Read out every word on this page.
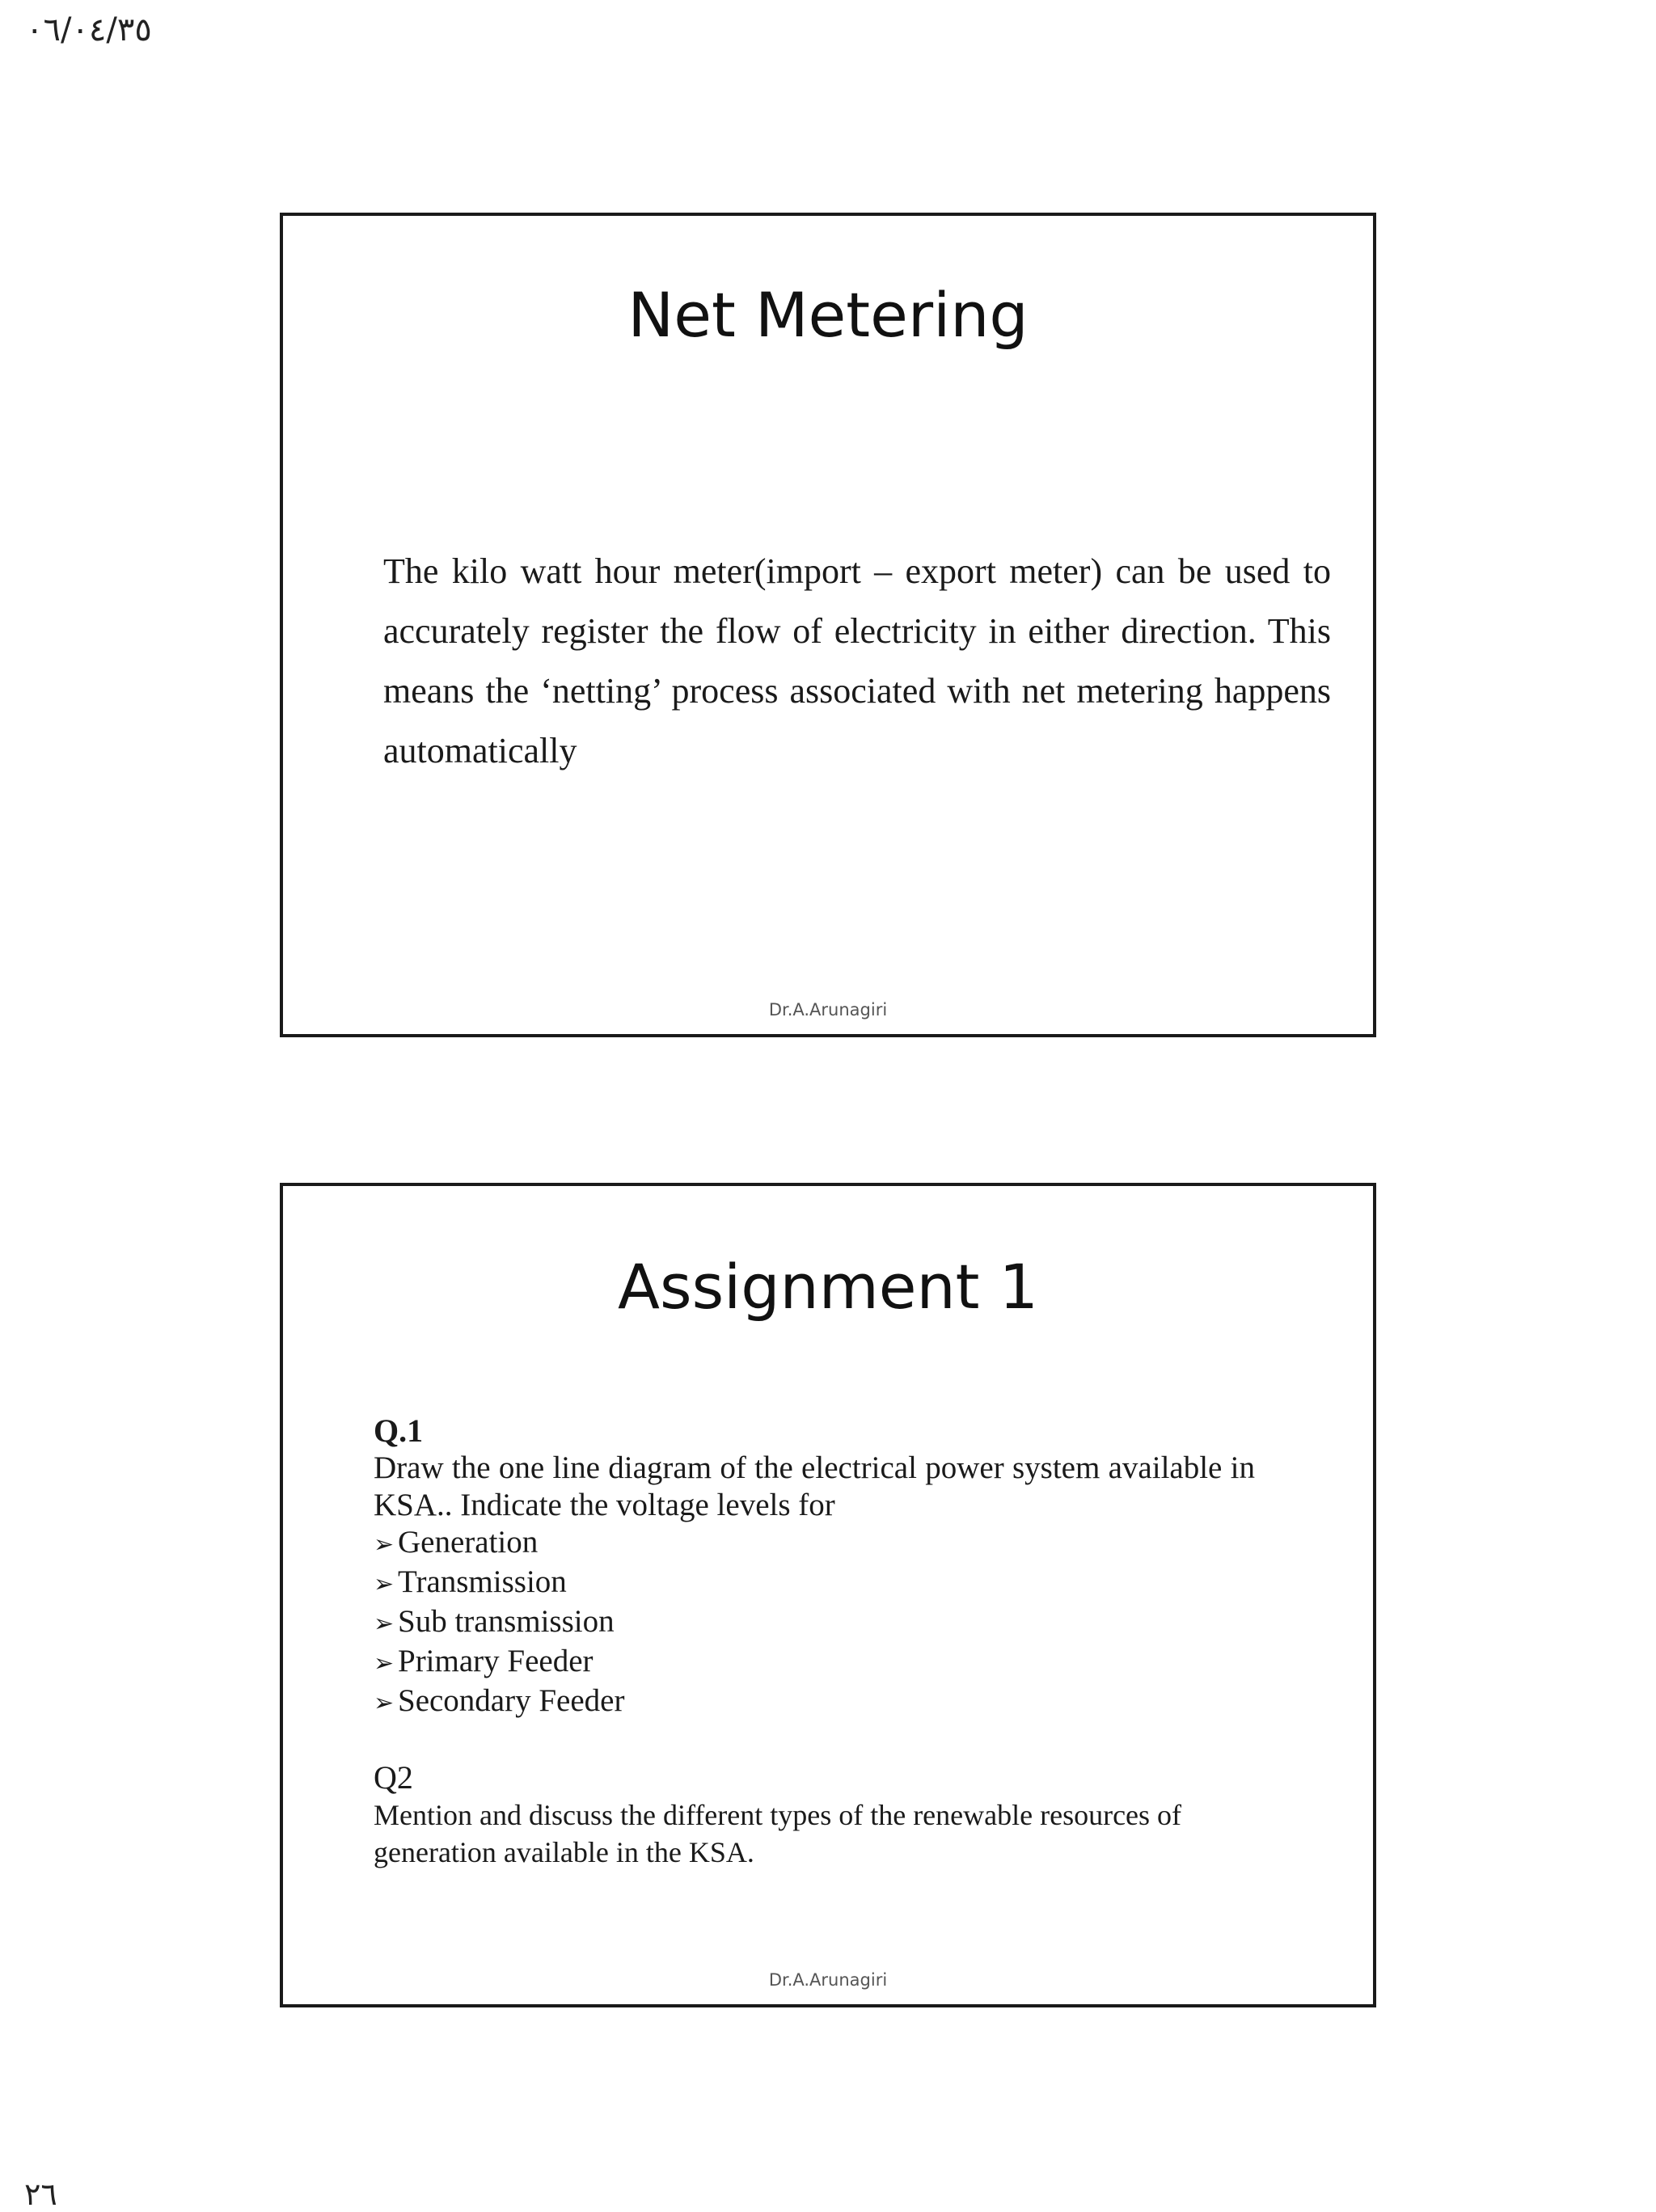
٠٦/٠٤/٣٥
Net Metering
The kilo watt hour meter(import – export meter) can be used to accurately register the flow of electricity in either direction. This means the ‘netting’ process associated with net metering happens automatically
Dr.A.Arunagiri
Assignment 1
Q.1
Draw the one line diagram of the electrical power system available in KSA.. Indicate the voltage levels for
➢ Generation
➢ Transmission
➢ Sub transmission
➢ Primary Feeder
➢ Secondary Feeder
Q2
Mention and discuss the different types of the renewable resources of generation available in the KSA.
Dr.A.Arunagiri
٢٦
